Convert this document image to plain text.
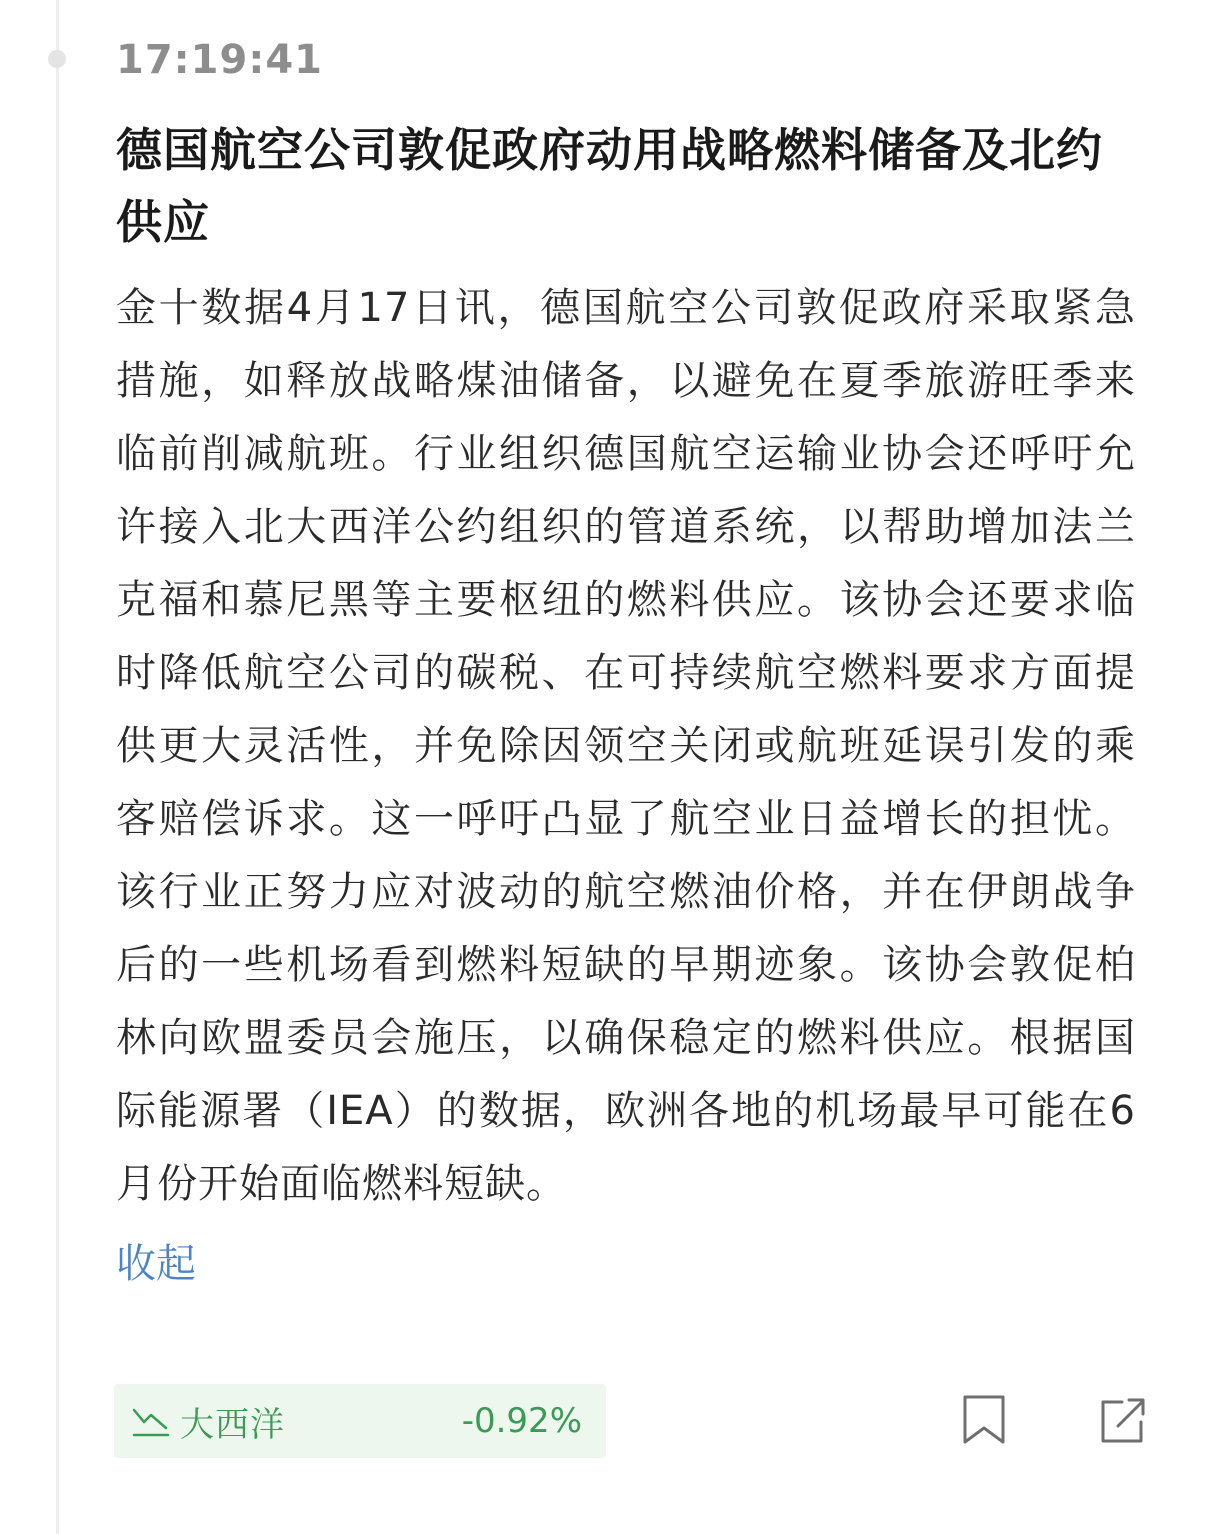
17:19:41
德国航空公司敦促政府动用战略燃料储备及北约供应
金十数据4月17日讯，德国航空公司敦促政府采取紧急措施，如释放战略煤油储备，以避免在夏季旅游旺季来临前削减航班。行业组织德国航空运输业协会还呼吁允许接入北大西洋公约组织的管道系统，以帮助增加法兰克福和慕尼黑等主要枢纽的燃料供应。该协会还要求临时降低航空公司的碳税、在可持续航空燃料要求方面提供更大灵活性，并免除因领空关闭或航班延误引发的乘客赔偿诉求。这一呼吁凸显了航空业日益增长的担忧。该行业正努力应对波动的航空燃油价格，并在伊朗战争后的一些机场看到燃料短缺的早期迹象。该协会敦促柏林向欧盟委员会施压，以确保稳定的燃料供应。根据国际能源署（IEA）的数据，欧洲各地的机场最早可能在6月份开始面临燃料短缺。
收起
大西洋	-0.92%
